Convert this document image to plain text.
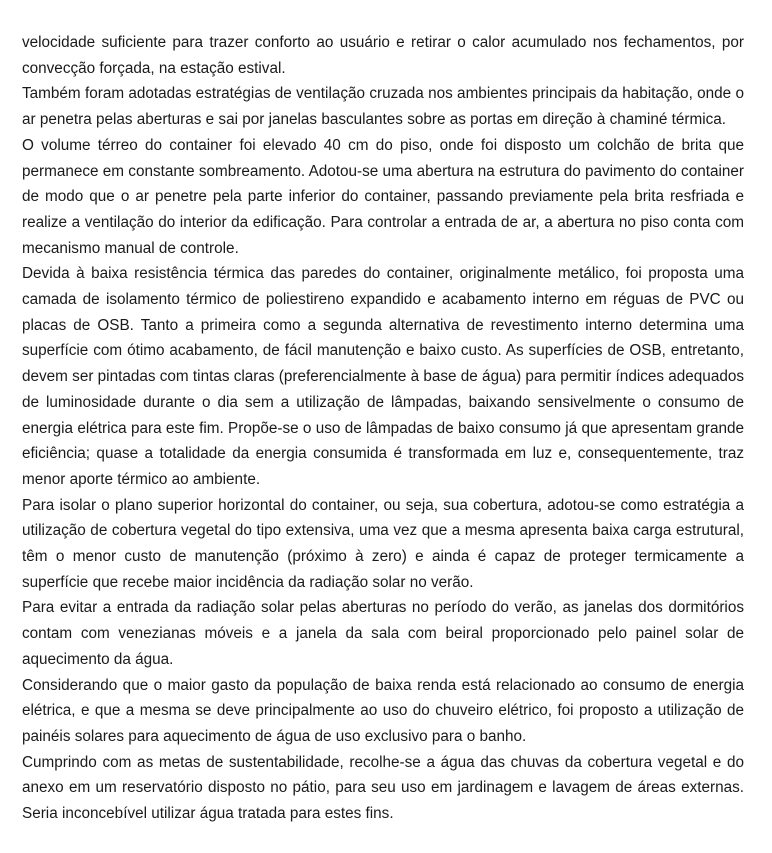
velocidade suficiente para trazer conforto ao usuário e retirar o calor acumulado nos fechamentos, por convecção forçada, na estação estival.

Também foram adotadas estratégias de ventilação cruzada nos ambientes principais da habitação, onde o ar penetra pelas aberturas e sai por janelas basculantes sobre as portas em direção à chaminé térmica.

O volume térreo do container foi elevado 40 cm do piso, onde foi disposto um colchão de brita que permanece em constante sombreamento. Adotou-se uma abertura na estrutura do pavimento do container de modo que o ar penetre pela parte inferior do container, passando previamente pela brita resfriada e realize a ventilação do interior da edificação. Para controlar a entrada de ar, a abertura no piso conta com mecanismo manual de controle.

Devida à baixa resistência térmica das paredes do container, originalmente metálico, foi proposta uma camada de isolamento térmico de poliestireno expandido e acabamento interno em réguas de PVC ou placas de OSB. Tanto a primeira como a segunda alternativa de revestimento interno determina uma superfície com ótimo acabamento, de fácil manutenção e baixo custo. As superfícies de OSB, entretanto, devem ser pintadas com tintas claras (preferencialmente à base de água) para permitir índices adequados de luminosidade durante o dia sem a utilização de lâmpadas, baixando sensivelmente o consumo de energia elétrica para este fim. Propõe-se o uso de lâmpadas de baixo consumo já que apresentam grande eficiência; quase a totalidade da energia consumida é transformada em luz e, consequentemente, traz menor aporte térmico ao ambiente.

Para isolar o plano superior horizontal do container, ou seja, sua cobertura, adotou-se como estratégia a utilização de cobertura vegetal do tipo extensiva, uma vez que a mesma apresenta baixa carga estrutural, têm o menor custo de manutenção (próximo à zero) e ainda é capaz de proteger termicamente a superfície que recebe maior incidência da radiação solar no verão.

Para evitar a entrada da radiação solar pelas aberturas no período do verão, as janelas dos dormitórios contam com venezianas móveis e a janela da sala com beiral proporcionado pelo painel solar de aquecimento da água.

Considerando que o maior gasto da população de baixa renda está relacionado ao consumo de energia elétrica, e que a mesma se deve principalmente ao uso do chuveiro elétrico, foi proposto a utilização de painéis solares para aquecimento de água de uso exclusivo para o banho.

Cumprindo com as metas de sustentabilidade, recolhe-se a água das chuvas da cobertura vegetal e do anexo em um reservatório disposto no pátio, para seu uso em jardinagem e lavagem de áreas externas. Seria inconcebível utilizar água tratada para estes fins.
